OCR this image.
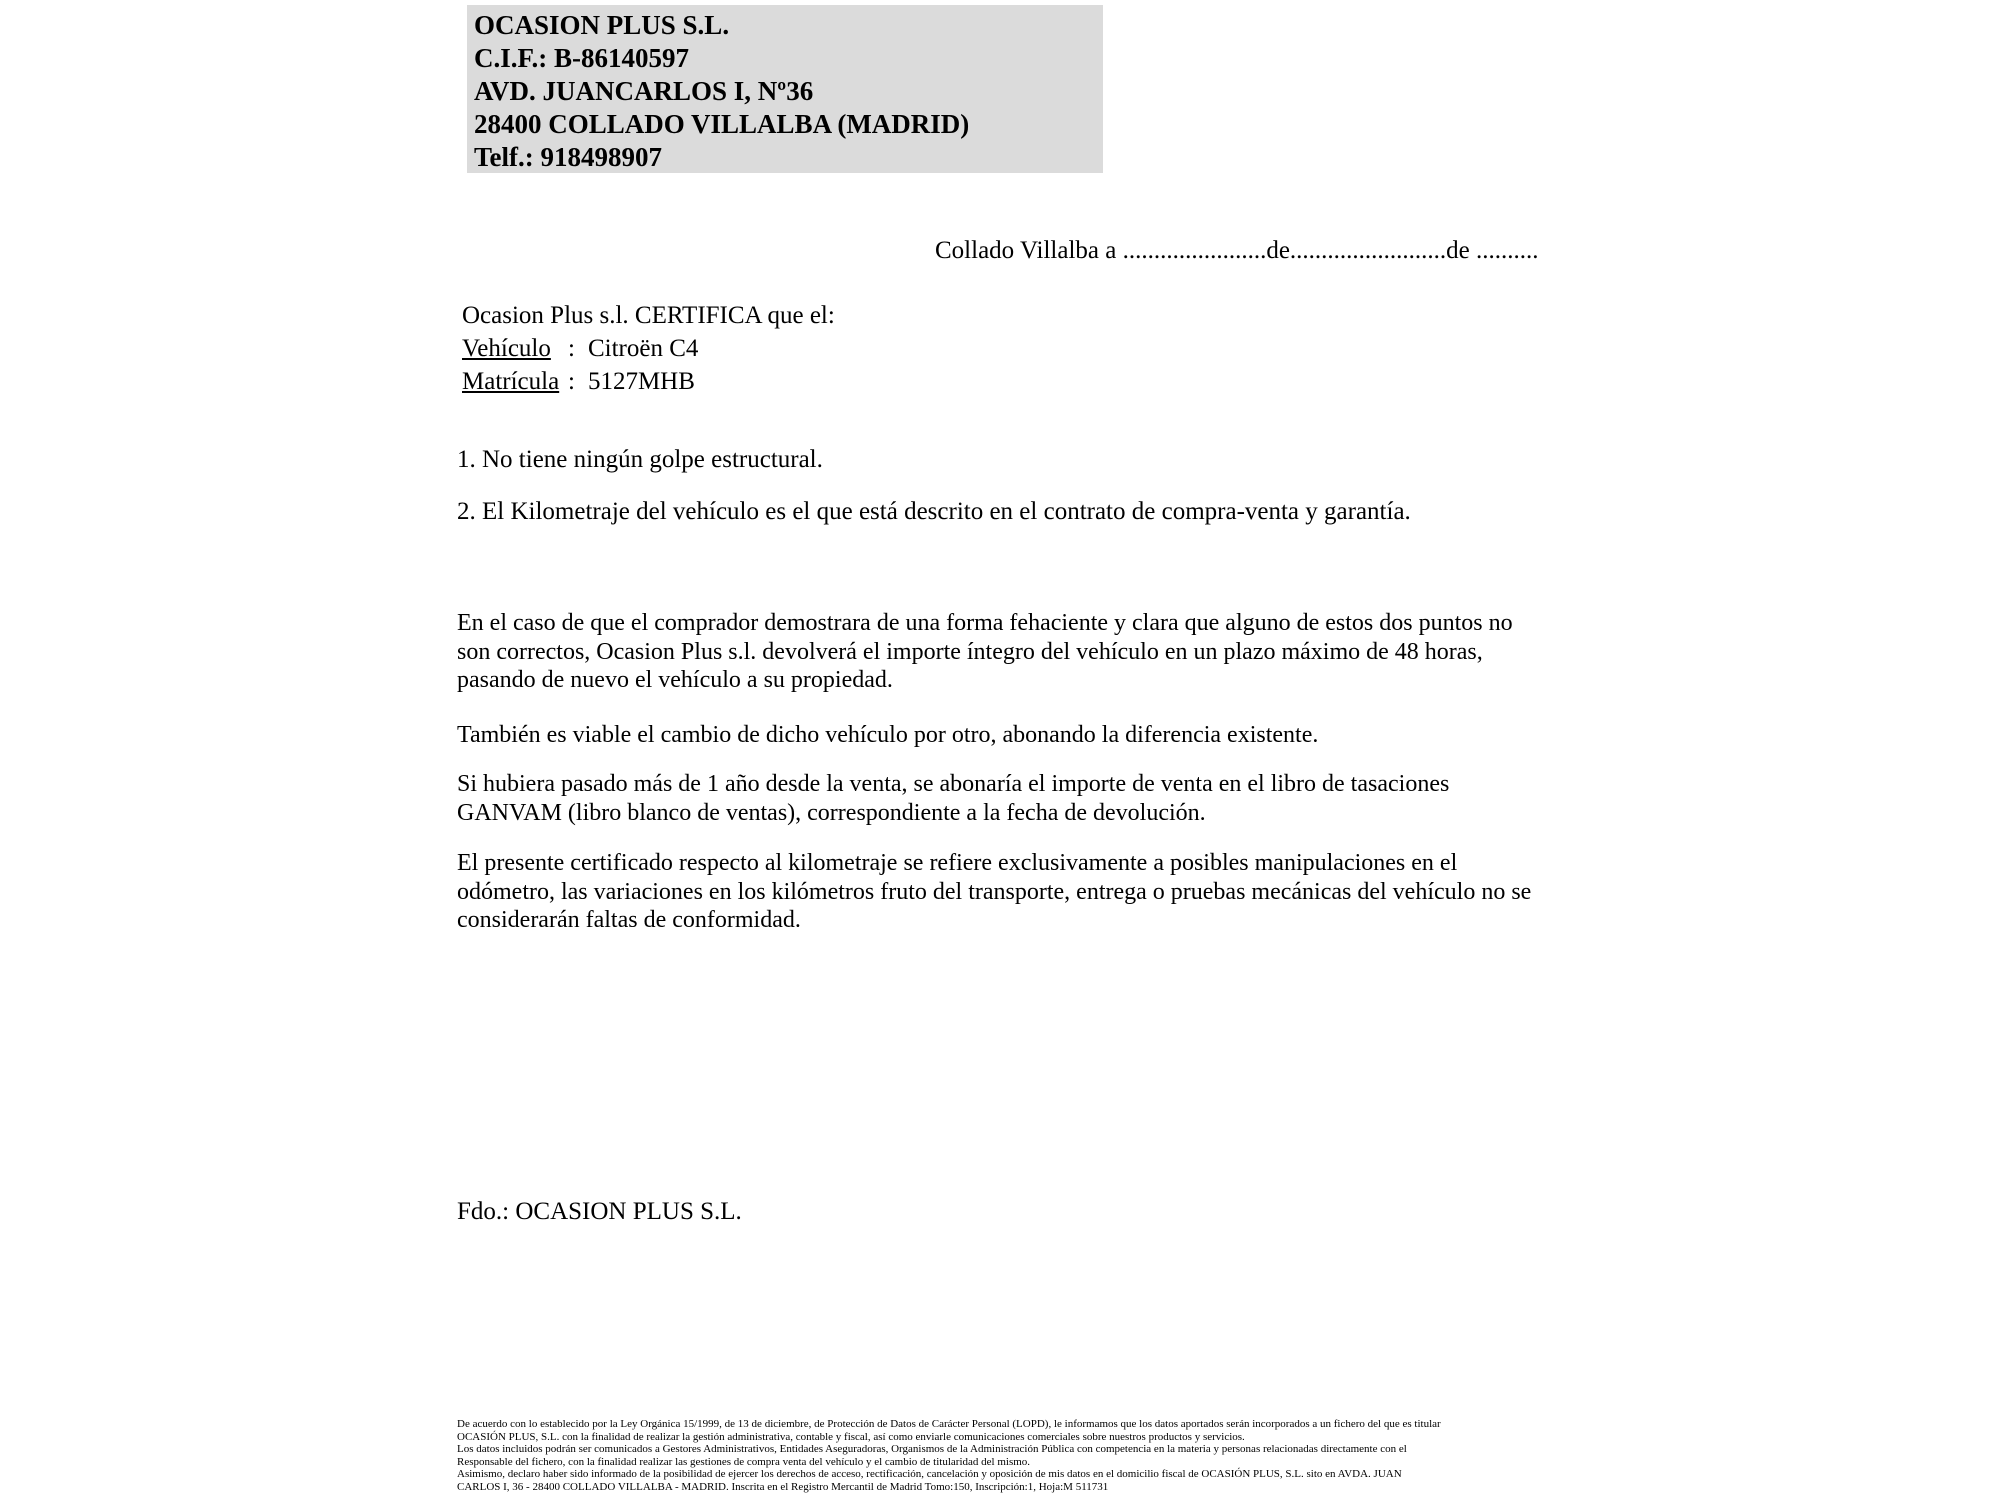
OCASION PLUS S.L.
C.I.F.: B-86140597
AVD. JUANCARLOS I, Nº36
28400 COLLADO VILLALBA (MADRID)
Telf.: 918498907
Collado Villalba a .......................de.........................de ..........
Ocasion Plus s.l. CERTIFICA que el:
Vehículo : Citroën C4
Matrícula : 5127MHB
1. No tiene ningún golpe estructural.
2. El Kilometraje del vehículo es el que está descrito en el contrato de compra-venta y garantía.
En el caso de que el comprador demostrara de una forma fehaciente y clara que alguno de estos dos puntos no son correctos, Ocasion Plus s.l. devolverá el importe íntegro del vehículo en un plazo máximo de 48 horas, pasando de nuevo el vehículo a su propiedad.
También es viable el cambio de dicho vehículo por otro, abonando la diferencia existente.
Si hubiera pasado más de 1 año desde la venta, se abonaría el importe de venta en el libro de tasaciones GANVAM (libro blanco de ventas), correspondiente a la fecha de devolución.
El presente certificado respecto al kilometraje se refiere exclusivamente a posibles manipulaciones en el odómetro, las variaciones en los kilómetros fruto del transporte, entrega o pruebas mecánicas del vehículo no se considerarán faltas de conformidad.
Fdo.: OCASION PLUS S.L.
De acuerdo con lo establecido por la Ley Orgánica 15/1999, de 13 de diciembre, de Protección de Datos de Carácter Personal (LOPD), le informamos que los datos aportados serán incorporados a un fichero del que es titular
OCASIÓN PLUS, S.L. con la finalidad de realizar la gestión administrativa, contable y fiscal, así como enviarle comunicaciones comerciales sobre nuestros productos y servicios.
Los datos incluidos podrán ser comunicados a Gestores Administrativos, Entidades Aseguradoras, Organismos de la Administración Pública con competencia en la materia y personas relacionadas directamente con el
Responsable del fichero, con la finalidad realizar las gestiones de compra venta del vehículo y el cambio de titularidad del mismo.
Asimismo, declaro haber sido informado de la posibilidad de ejercer los derechos de acceso, rectificación, cancelación y oposición de mis datos en el domicilio fiscal de OCASIÓN PLUS, S.L. sito en AVDA. JUAN
CARLOS I, 36 - 28400 COLLADO VILLALBA - MADRID. Inscrita en el Registro Mercantil de Madrid Tomo:150, Inscripción:1, Hoja:M 511731
